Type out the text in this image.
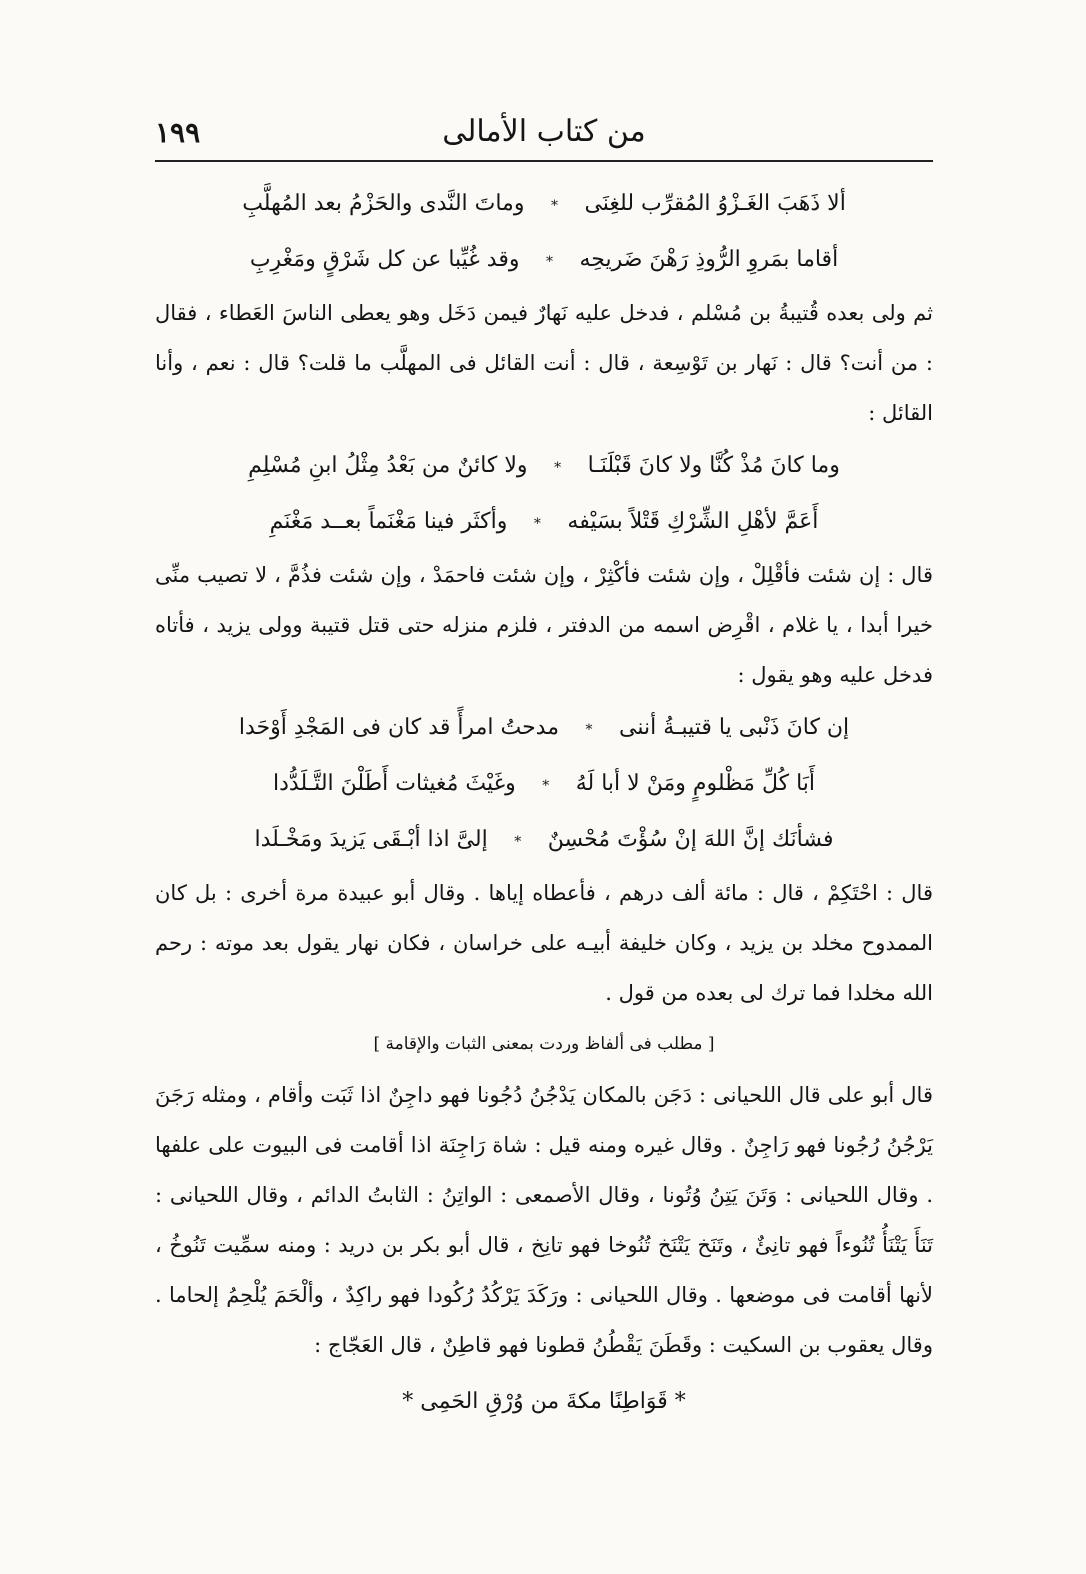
من كتاب الأمالى
١٩٩
ألا ذَهَبَ الغَـزْوُ المُقرِّب للغِنَى
*
وماتَ النَّدى والحَزْمُ بعد المُهلَّبِ
أقاما بمَروِ الرُّوذِ رَهْنَ ضَريحِه
*
وقد غُيِّبا عن كل شَرْقٍ ومَغْرِبِ

ثم ولى بعده قُتيبةُ بن مُسْلم ، فدخل عليه نَهارٌ فيمن دَخَل وهو يعطى الناسَ العَطاء ، فقال : من أنت؟ قال : نَهار بن تَوْسِعة ، قال : أنت القائل فى المهلَّب ما قلت؟ قال : نعم ، وأنا القائل :

وما كانَ مُذْ كُنَّا ولا كانَ قَبْلَنَـا
*
ولا كائنٌ من بَعْدُ مِثْلُ ابنِ مُسْلِمِ
أَعَمَّ لأهْلِ الشِّرْكِ قَتْلاً بسَيْفه
*
وأكثَر فينا مَغْنَماً بعــد مَغْنَمِ

قال : إن شئت فأقْلِلْ ، وإن شئت فأكْثِرْ ، وإن شئت فاحمَدْ ، وإن شئت فذُمَّ ، لا تصيب منِّى خيرا أبدا ، يا غلام ، اقْرِض اسمه من الدفتر ، فلزم منزله حتى قتل قتيبة وولى يزيد ، فأتاه فدخل عليه وهو يقول :

إن كانَ ذَنْبى يا قتيبـةُ أننى
*
مدحتُ امرأً قد كان فى المَجْدِ أَوْحَدا
أَبَا كُلِّ مَظْلومٍ ومَنْ لا أبا لَهُ
*
وغَيْثَ مُغيثات أَطَلْنَ التَّـلَدُّدا
فشأنَك إنَّ اللهَ إنْ سُؤْتَ مُحْسِنٌ
*
إلىَّ اذا أبْـقَى يَزيدَ ومَخْـلَدا

قال : احْتَكِمْ ، قال : مائة ألف درهم ، فأعطاه إياها . وقال أبو عبيدة مرة أخرى : بل كان الممدوح مخلد بن يزيد ، وكان خليفة أبيـه على خراسان ، فكان نهار يقول بعد موته : رحم الله مخلدا فما ترك لى بعده من قول .

[ مطلب فى ألفاظ وردت بمعنى الثبات والإقامة ]

قال أبو على قال اللحيانى : دَجَن بالمكان يَدْجُنُ دُجُونا فهو داجِنٌ اذا ثَبَت وأقام ، ومثله رَجَنَ يَرْجُنُ رُجُونا فهو رَاجِنٌ . وقال غيره ومنه قيل : شاة رَاجِنَة اذا أقامت فى البيوت على علفها . وقال اللحيانى : وَتَنَ يَتِنُ وُتُونا ، وقال الأصمعى : الواتِنُ : الثابتُ الدائم ، وقال اللحيانى : تَنَأَ يَتْنَأُ تُنُوءاً فهو تانِئٌ ، وتَنَخ يَتْنَخ تُنُوخا فهو تانِخ ، قال أبو بكر بن دريد : ومنه سمِّيت تَنُوخُ ، لأنها أقامت فى موضعها . وقال اللحيانى : ورَكَدَ يَرْكُدُ رُكُودا فهو راكِدٌ ، وألْحَمَ يُلْحِمُ إلحاما . وقال يعقوب بن السكيت : وقَطَنَ يَقْطُنُ قطونا فهو قاطِنٌ ، قال العَجّاج :

* قَوَاطِنًا مكةَ من وُرْقِ الحَمِى *
